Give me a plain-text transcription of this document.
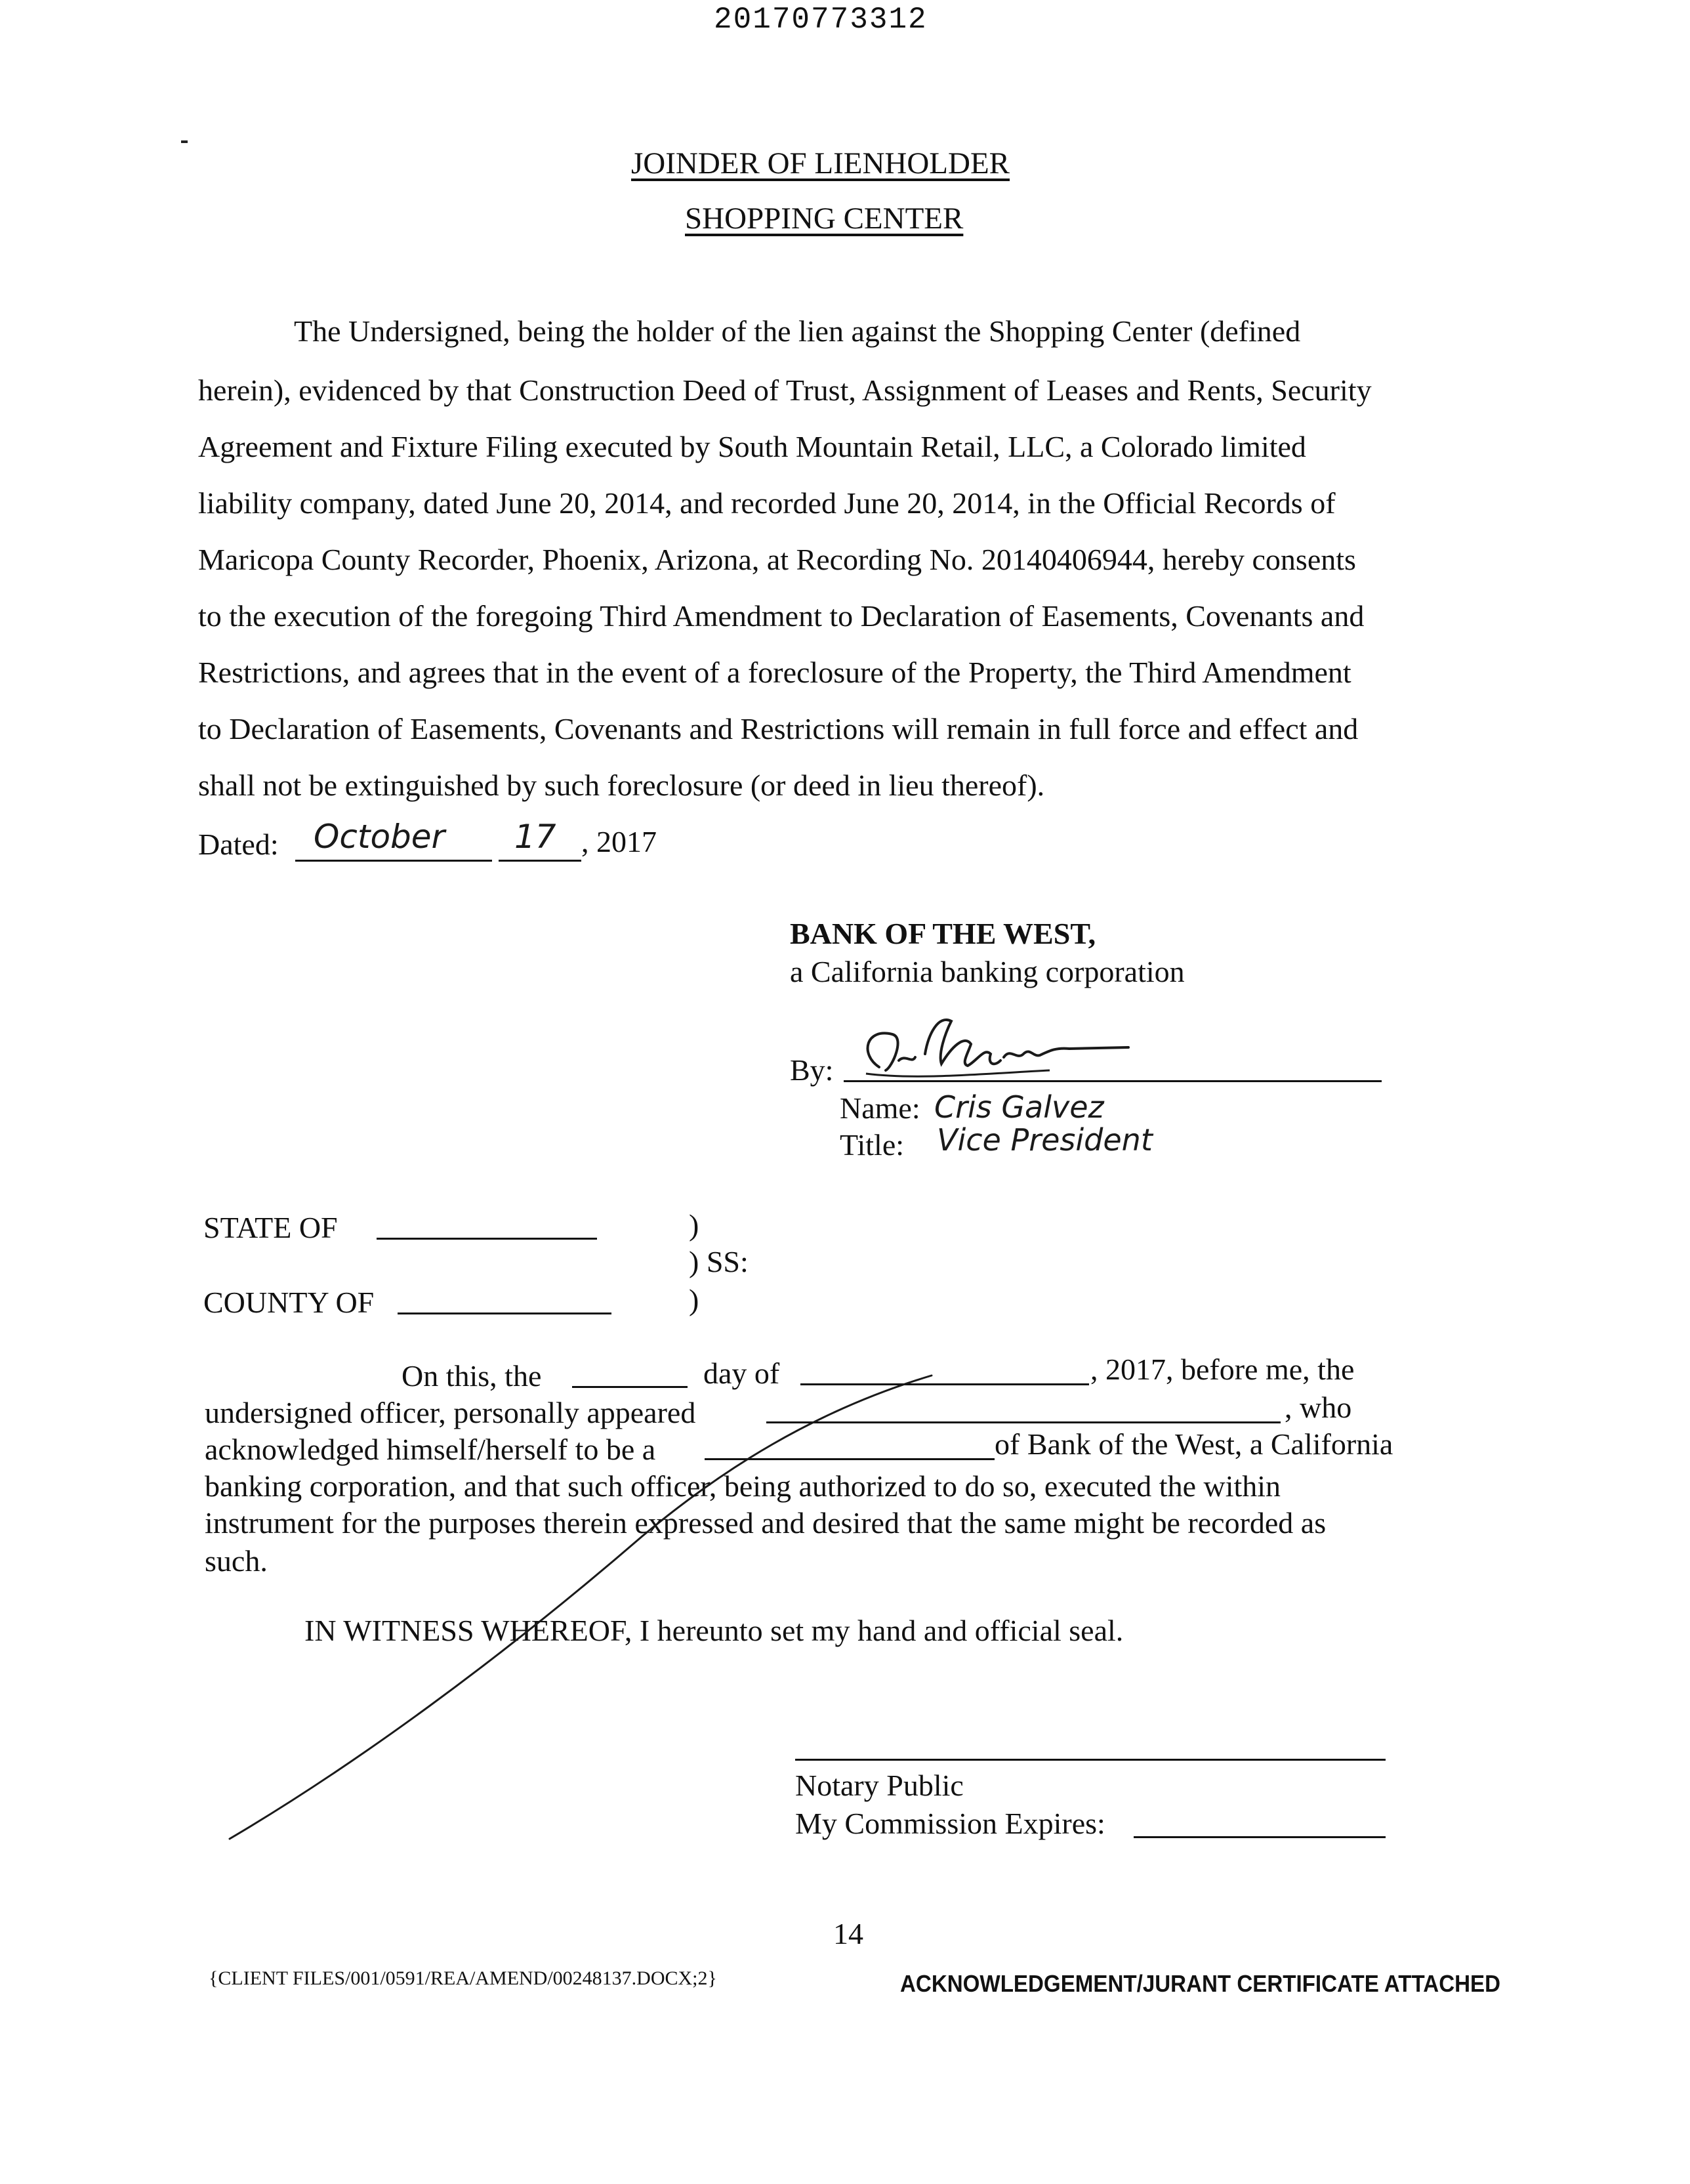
20170773312
JOINDER OF LIENHOLDER
SHOPPING CENTER
The Undersigned, being the holder of the lien against the Shopping Center (defined
herein), evidenced by that Construction Deed of Trust, Assignment of Leases and Rents, Security
Agreement and Fixture Filing executed by South Mountain Retail, LLC, a Colorado limited
liability company, dated June 20, 2014, and recorded June 20, 2014, in the Official Records of
Maricopa County Recorder, Phoenix, Arizona, at Recording No. 20140406944, hereby consents
to the execution of the foregoing Third Amendment to Declaration of Easements, Covenants and
Restrictions, and agrees that in the event of a foreclosure of the Property, the Third Amendment
to Declaration of Easements, Covenants and Restrictions will remain in full force and effect and
shall not be extinguished by such foreclosure (or deed in lieu thereof).
Dated: October 17 , 2017
BANK OF THE WEST,
a California banking corporation
By:
Name: Cris Galvez
Title: Vice President
STATE OF	)
) SS:
COUNTY OF	)
On this, the	day of	, 2017, before me, the
undersigned officer, personally appeared	, who
acknowledged himself/herself to be a	of Bank of the West, a California
banking corporation, and that such officer, being authorized to do so, executed the within
instrument for the purposes therein expressed and desired that the same might be recorded as
such.
IN WITNESS WHEREOF, I hereunto set my hand and official seal.
Notary Public
My Commission Expires:
14
{CLIENT FILES/001/0591/REA/AMEND/00248137.DOCX;2}	ACKNOWLEDGEMENT/JURANT CERTIFICATE ATTACHED
